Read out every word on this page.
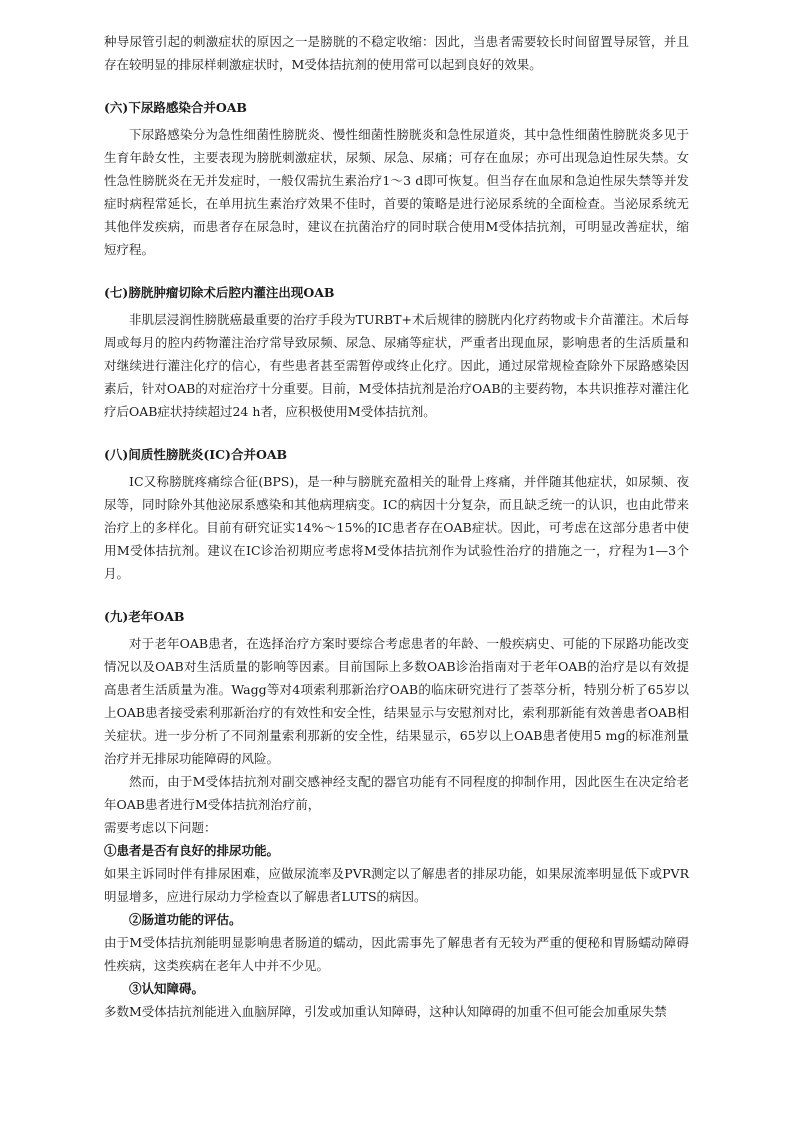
种导尿管引起的刺激症状的原因之一是膀胱的不稳定收缩：因此，当患者需要较长时间留置导尿管，并且存在较明显的排尿样刺激症状时，M受体拮抗剂的使用常可以起到良好的效果。

(六)下尿路感染合并OAB

下尿路感染分为急性细菌性膀胱炎、慢性细菌性膀胱炎和急性尿道炎，其中急性细菌性膀胱炎多见于生育年龄女性，主要表现为膀胱刺激症状，尿频、尿急、尿痛；可存在血尿；亦可出现急迫性尿失禁。女性急性膀胱炎在无并发症时，一般仅需抗生素治疗1～3 d即可恢复。但当存在血尿和急迫性尿失禁等并发症时病程常延长，在单用抗生素治疗效果不佳时，首要的策略是进行泌尿系统的全面检查。当泌尿系统无其他伴发疾病，而患者存在尿急时，建议在抗菌治疗的同时联合使用M受体拮抗剂，可明显改善症状，缩短疗程。

(七)膀胱肿瘤切除术后腔内灌注出现OAB

非肌层浸润性膀胱癌最重要的治疗手段为TURBT+术后规律的膀胱内化疗药物或卡介苗灌注。术后每周或每月的腔内药物灌注治疗常导致尿频、尿急、尿痛等症状，严重者出现血尿，影响患者的生活质量和对继续进行灌注化疗的信心，有些患者甚至需暂停或终止化疗。因此，通过尿常规检查除外下尿路感染因素后，针对OAB的对症治疗十分重要。目前，M受体拮抗剂是治疗OAB的主要药物，本共识推荐对灌注化疗后OAB症状持续超过24 h者，应积极使用M受体拮抗剂。

(八)间质性膀胱炎(IC)合并OAB

IC又称膀胱疼痛综合征(BPS)，是一种与膀胱充盈相关的耻骨上疼痛，并伴随其他症状，如尿频、夜尿等，同时除外其他泌尿系感染和其他病理病变。IC的病因十分复杂，而且缺乏统一的认识，也由此带来治疗上的多样化。目前有研究证实14%～15%的IC患者存在OAB症状。因此，可考虑在这部分患者中使用M受体拮抗剂。建议在IC诊治初期应考虑将M受体拮抗剂作为试验性治疗的措施之一，疗程为1—3个月。

(九)老年OAB

对于老年OAB患者，在选择治疗方案时要综合考虑患者的年龄、一般疾病史、可能的下尿路功能改变情况以及OAB对生活质量的影响等因素。目前国际上多数OAB诊治指南对于老年OAB的治疗是以有效提高患者生活质量为准。Wagg等对4项索利那新治疗OAB的临床研究进行了荟萃分析，特别分析了65岁以上OAB患者接受索利那新治疗的有效性和安全性，结果显示与安慰剂对比，索利那新能有效善患者OAB相关症状。进一步分析了不同剂量索利那新的安全性，结果显示，65岁以上OAB患者使用5 mg的标准剂量治疗并无排尿功能障碍的风险。

然而，由于M受体拮抗剂对副交感神经支配的器官功能有不同程度的抑制作用，因此医生在决定给老年OAB患者进行M受体拮抗剂治疗前，

需要考虑以下问题：

①患者是否有良好的排尿功能。

如果主诉同时伴有排尿困难，应做尿流率及PVR测定以了解患者的排尿功能，如果尿流率明显低下或PVR明显增多，应进行尿动力学检查以了解患者LUTS的病因。

②肠道功能的评估。

由于M受体拮抗剂能明显影响患者肠道的蠕动，因此需事先了解患者有无较为严重的便秘和胃肠蠕动障碍性疾病，这类疾病在老年人中并不少见。

③认知障碍。

多数M受体拮抗剂能进入血脑屏障，引发或加重认知障碍，这种认知障碍的加重不但可能会加重尿失禁
